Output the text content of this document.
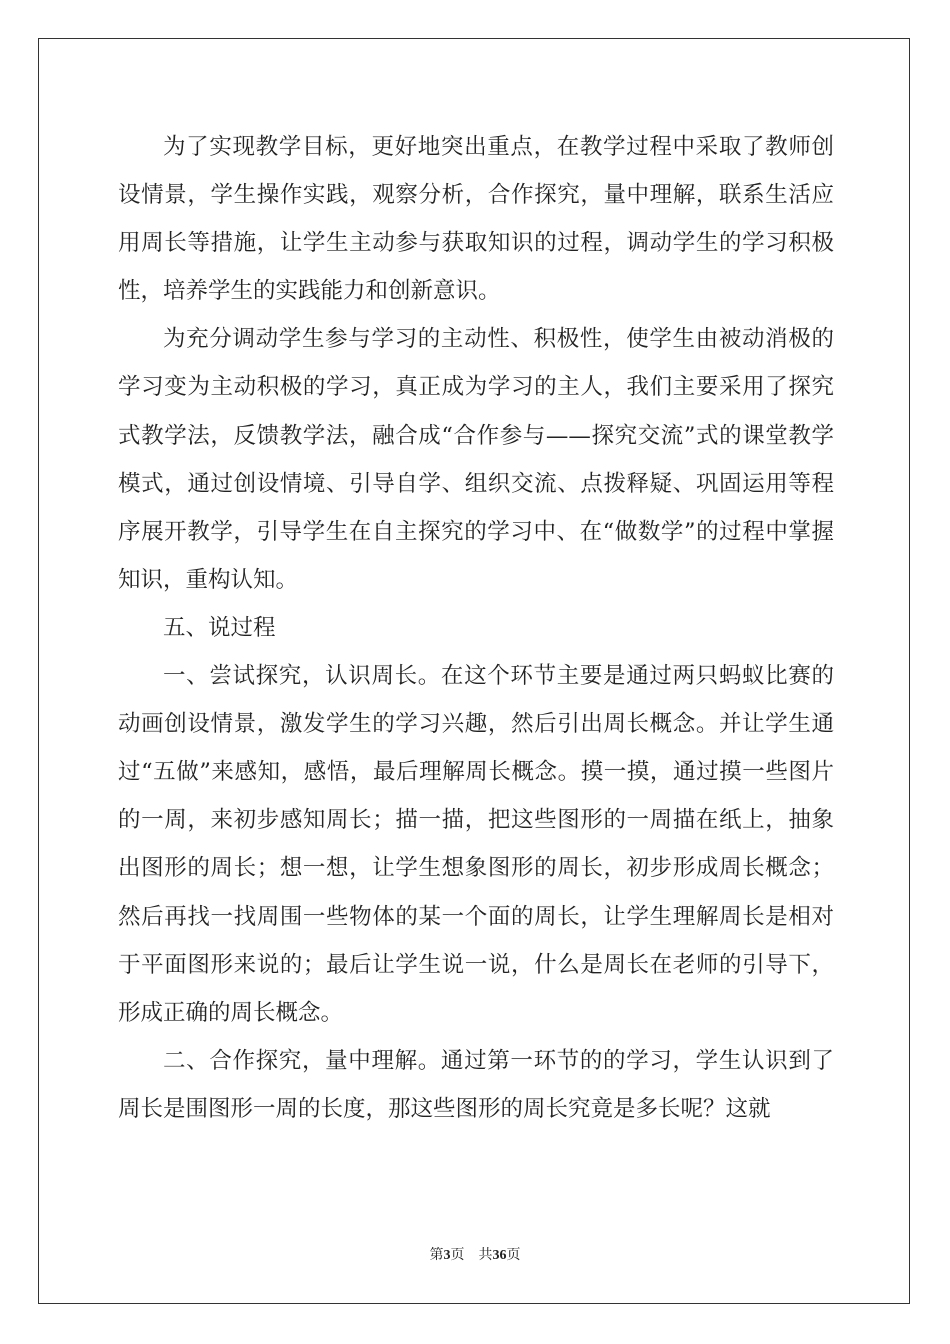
为了实现教学目标，更好地突出重点，在教学过程中采取了教师创设情景，学生操作实践，观察分析，合作探究，量中理解，联系生活应用周长等措施，让学生主动参与获取知识的过程，调动学生的学习积极性，培养学生的实践能力和创新意识。

为充分调动学生参与学习的主动性、积极性，使学生由被动消极的学习变为主动积极的学习，真正成为学习的主人，我们主要采用了探究式教学法，反馈教学法，融合成“合作参与——探究交流”式的课堂教学模式，通过创设情境、引导自学、组织交流、点拨释疑、巩固运用等程序展开教学，引导学生在自主探究的学习中、在“做数学”的过程中掌握知识，重构认知。

五、说过程

一、尝试探究，认识周长。在这个环节主要是通过两只蚂蚁比赛的动画创设情景，激发学生的学习兴趣，然后引出周长概念。并让学生通过“五做”来感知，感悟，最后理解周长概念。摸一摸，通过摸一些图片的一周，来初步感知周长；描一描，把这些图形的一周描在纸上，抽象出图形的周长；想一想，让学生想象图形的周长，初步形成周长概念；然后再找一找周围一些物体的某一个面的周长，让学生理解周长是相对于平面图形来说的；最后让学生说一说，什么是周长在老师的引导下，形成正确的周长概念。

二、合作探究，量中理解。通过第一环节的的学习，学生认识到了周长是围图形一周的长度，那这些图形的周长究竟是多长呢？这就

第3页 共36页
